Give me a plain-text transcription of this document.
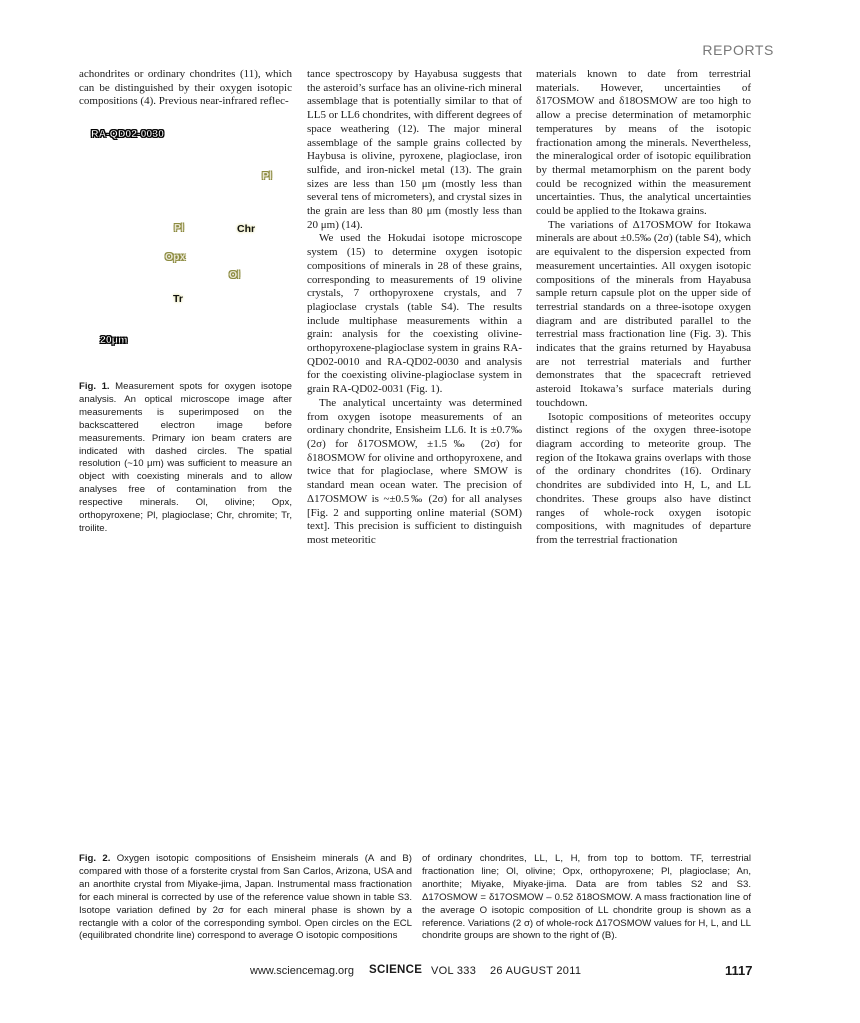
REPORTS

achondrites or ordinary chondrites (11), which can be distinguished by their oxygen isotopic compositions (4). Previous near-infrared reflec-

RA-QD02-0030
Pl
Pl	Chr
Opx
Ol
Tr
20μm
Fig. 1. Measurement spots for oxygen isotope analysis. An optical microscope image after measurements is superimposed on the backscattered electron image before measurements. Primary ion beam craters are indicated with dashed circles. The spatial resolution (~10 μm) was sufficient to measure an object with coexisting minerals and to allow analyses free of contamination from the respective minerals. Ol, olivine; Opx, orthopyroxene; Pl, plagioclase; Chr, chromite; Tr, troilite.

tance spectroscopy by Hayabusa suggests that the asteroid’s surface has an olivine-rich mineral assemblage that is potentially similar to that of LL5 or LL6 chondrites, with different degrees of space weathering (12). The major mineral assemblage of the sample grains collected by Haybusa is olivine, pyroxene, plagioclase, iron sulfide, and iron-nickel metal (13). The grain sizes are less than 150 μm (mostly less than several tens of micrometers), and crystal sizes in the grain are less than 80 μm (mostly less than 20 μm) (14).

We used the Hokudai isotope microscope system (15) to determine oxygen isotopic compositions of minerals in 28 of these grains, corresponding to measurements of 19 olivine crystals, 7 orthopyroxene crystals, and 7 plagioclase crystals (table S4). The results include multiphase measurements within a grain: analysis for the coexisting olivine-orthopyroxene-plagioclase system in grains RA-QD02-0010 and RA-QD02-0030 and analysis for the coexisting olivine-plagioclase system in grain RA-QD02-0031 (Fig. 1).

The analytical uncertainty was determined from oxygen isotope measurements of an ordinary chondrite, Ensisheim LL6. It is ±0.7‰ (2σ) for δ17OSMOW, ±1.5‰ (2σ) for δ18OSMOW for olivine and orthopyroxene, and twice that for plagioclase, where SMOW is standard mean ocean water. The precision of Δ17OSMOW is ~±0.5‰ (2σ) for all analyses [Fig. 2 and supporting online material (SOM) text]. This precision is sufficient to distinguish most meteoritic

materials known to date from terrestrial materials. However, uncertainties of δ17OSMOW and δ18OSMOW are too high to allow a precise determination of metamorphic temperatures by means of the isotopic fractionation among the minerals. Nevertheless, the mineralogical order of isotopic equilibration by thermal metamorphism on the parent body could be recognized within the measurement uncertainties. Thus, the analytical uncertainties could be applied to the Itokawa grains.

The variations of Δ17OSMOW for Itokawa minerals are about ±0.5‰ (2σ) (table S4), which are equivalent to the dispersion expected from measurement uncertainties. All oxygen isotopic compositions of the minerals from Hayabusa sample return capsule plot on the upper side of terrestrial standards on a three-isotope oxygen diagram and are distributed parallel to the terrestrial mass fractionation line (Fig. 3). This indicates that the grains returned by Hayabusa are not terrestrial materials and further demonstrates that the spacecraft retrieved asteroid Itokawa’s surface materials during touchdown.

Isotopic compositions of meteorites occupy distinct regions of the oxygen three-isotope diagram according to meteorite group. The region of the Itokawa grains overlaps with those of the ordinary chondrites (16). Ordinary chondrites are subdivided into H, L, and LL chondrites. These groups also have distinct ranges of whole-rock oxygen isotopic compositions, with magnitudes of departure from the terrestrial fractionation

Fig. 2. Oxygen isotopic compositions of Ensisheim minerals (A and B) compared with those of a forsterite crystal from San Carlos, Arizona, USA and an anorthite crystal from Miyake-jima, Japan. Instrumental mass fractionation for each mineral is corrected by use of the reference value shown in table S3. Isotope variation defined by 2σ for each mineral phase is shown by a rectangle with a color of the corresponding symbol. Open circles on the ECL (equilibrated chondrite line) correspond to average O isotopic compositions
of ordinary chondrites, LL, L, H, from top to bottom. TF, terrestrial fractionation line; Ol, olivine; Opx, orthopyroxene; Pl, plagioclase; An, anorthite; Miyake, Miyake-jima. Data are from tables S2 and S3. Δ17OSMOW = δ17OSMOW – 0.52 δ18OSMOW. A mass fractionation line of the average O isotopic composition of LL chondrite group is shown as a reference. Variations (2 σ) of whole-rock Δ17OSMOW values for H, L, and LL chondrite groups are shown to the right of (B).
www.sciencemag.org SCIENCE VOL 333 26 AUGUST 2011	1117
